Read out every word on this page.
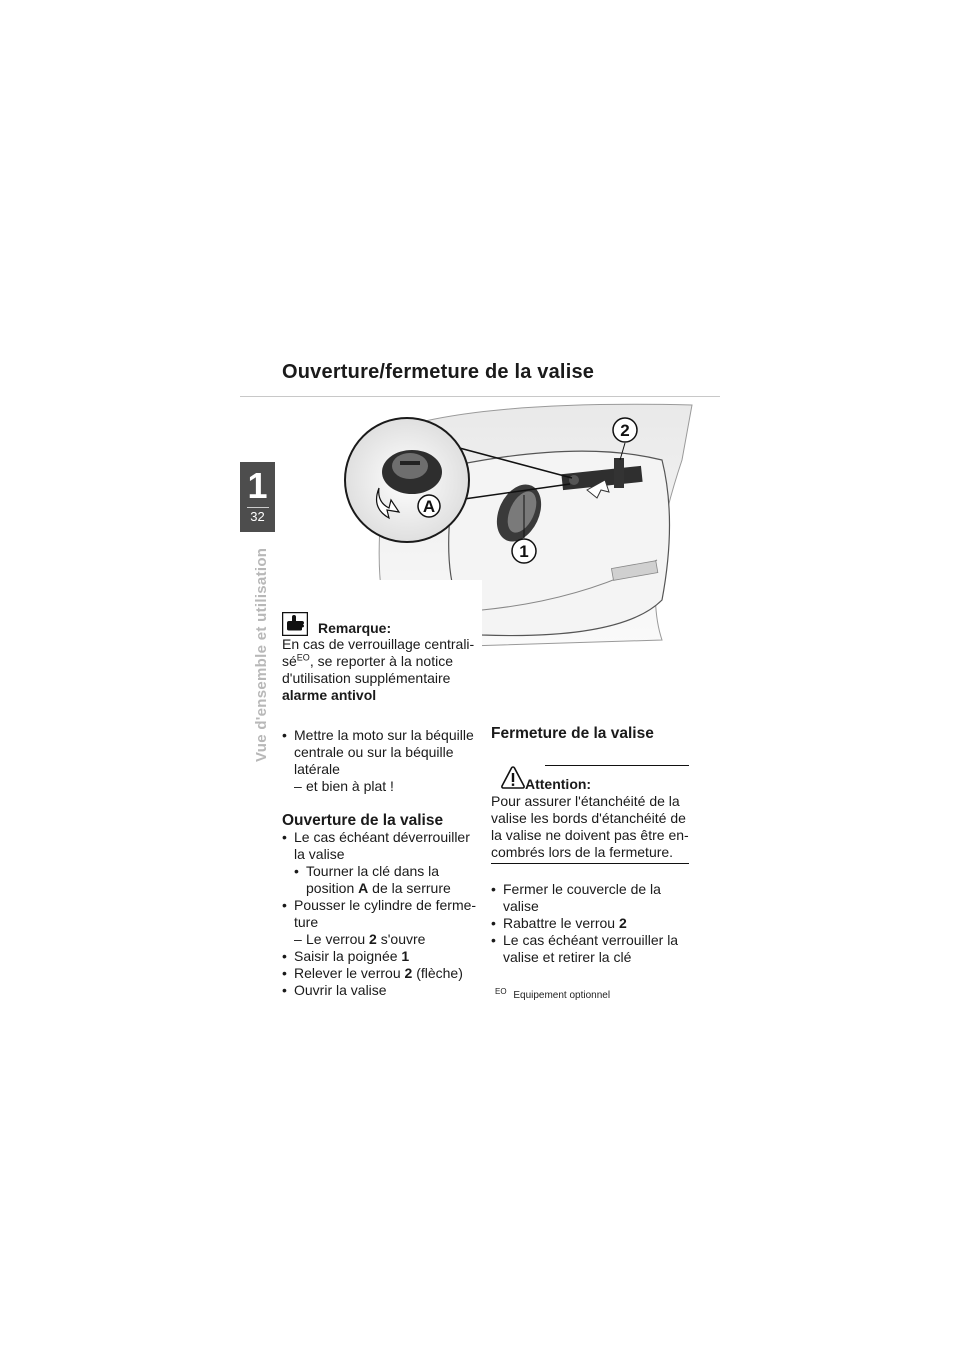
1
32
Vue d'ensemble et utilisation
Ouverture/fermeture de la valise
A
1
2
Remarque:
En cas de verrouillage centrali-
$sé^{EO}$, se reporter à la notice
d'utilisation supplémentaire
alarme antivol
• Mettre la moto sur la béquille centrale ou sur la béquille latérale
– et bien à plat !
Ouverture de la valise
• Le cas échéant déverrouiller la valise
• Tourner la clé dans la position A de la serrure
• Pousser le cylindre de ferme-ture
– Le verrou 2 s'ouvre
• Saisir la poignée 1
• Relever le verrou 2 (flèche)
• Ouvrir la valise
Fermeture de la valise
Attention:
Pour assurer l'étanchéité de la valise les bords d'étanchéité de la valise ne doivent pas être en-combrés lors de la fermeture.
• Fermer le couvercle de la valise
• Rabattre le verrou 2
• Le cas échéant verrouiller la valise et retirer la clé
$^{EO}$ Equipement optionnel
